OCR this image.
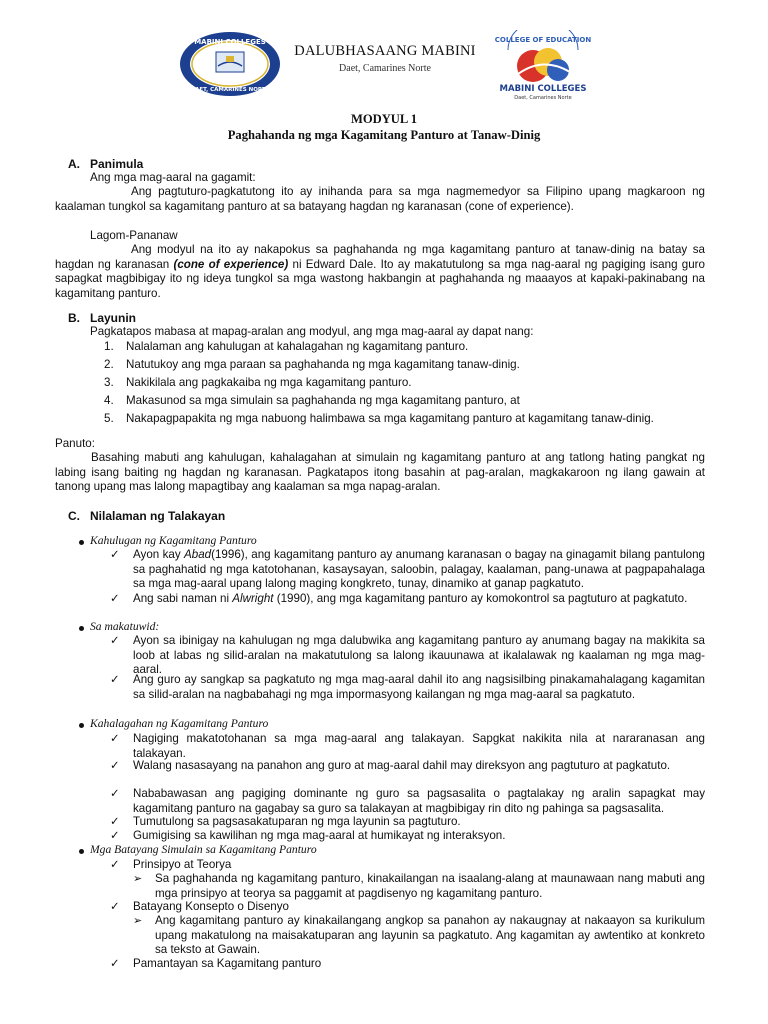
MABINI COLLEGES
DAET, CAMARINES NORTE
DALUBHASAANG MABINI
Daet, Camarines Norte
COLLEGE OF EDUCATION
MABINI COLLEGES
Daet, Camarines Norte
MODYUL 1
Paghahanda ng mga Kagamitang Panturo at Tanaw-Dinig
A. Panimula
Ang mga mag-aaral na gagamit:
Ang pagtuturo-pagkatutong ito ay inihanda para sa mga nagmemedyor sa Filipino upang magkaroon ng kaalaman tungkol sa kagamitang panturo at sa batayang hagdan ng karanasan (cone of experience).
Lagom-Pananaw
Ang modyul na ito ay nakapokus sa paghahanda ng mga kagamitang panturo at tanaw-dinig na batay sa hagdan ng karanasan (cone of experience) ni Edward Dale. Ito ay makatutulong sa mga nag-aaral ng pagiging isang guro sapagkat magbibigay ito ng ideya tungkol sa mga wastong hakbangin at paghahanda ng maaayos at kapaki-pakinabang na kagamitang panturo.
B. Layunin
Pagkatapos mabasa at mapag-aralan ang modyul, ang mga mag-aaral ay dapat nang:
1. Nalalaman ang kahulugan at kahalagahan ng kagamitang panturo.
2. Natutukoy ang mga paraan sa paghahanda ng mga kagamitang tanaw-dinig.
3. Nakikilala ang pagkakaiba ng mga kagamitang panturo.
4. Makasunod sa mga simulain sa paghahanda ng mga kagamitang panturo, at
5. Nakapagpapakita ng mga nabuong halimbawa sa mga kagamitang panturo at kagamitang tanaw-dinig.
Panuto:
Basahing mabuti ang kahulugan, kahalagahan at simulain ng kagamitang panturo at ang tatlong hating pangkat ng labing isang baiting ng hagdan ng karanasan. Pagkatapos itong basahin at pag-aralan, magkakaroon ng ilang gawain at tanong upang mas lalong mapagtibay ang kaalaman sa mga napag-aralan.
C. Nilalaman ng Talakayan
Kahulugan ng Kagamitang Panturo
✓ Ayon kay Abad(1996), ang kagamitang panturo ay anumang karanasan o bagay na ginagamit bilang pantulong sa paghahatid ng mga katotohanan, kasaysayan, saloobin, palagay, kaalaman, pang-unawa at pagpapahalaga sa mga mag-aaral upang lalong maging kongkreto, tunay, dinamiko at ganap pagkatuto.
✓ Ang sabi naman ni Alwright (1990), ang mga kagamitang panturo ay komokontrol sa pagtuturo at pagkatuto.
Sa makatuwid:
✓ Ayon sa ibinigay na kahulugan ng mga dalubwika ang kagamitang panturo ay anumang bagay na makikita sa loob at labas ng silid-aralan na makatutulong sa lalong ikauunawa at ikalalawak ng kaalaman ng mga mag-aaral.
✓ Ang guro ay sangkap sa pagkatuto ng mga mag-aaral dahil ito ang nagsisilbing pinakamahalagang kagamitan sa silid-aralan na nagbabahagi ng mga impormasyong kailangan ng mga mag-aaral sa pagkatuto.
Kahalagahan ng Kagamitang Panturo
✓ Nagiging makatotohanan sa mga mag-aaral ang talakayan. Sapgkat nakikita nila at nararanasan ang talakayan.
✓ Walang nasasayang na panahon ang guro at mag-aaral dahil may direksyon ang pagtuturo at pagkatuto.
✓ Nababawasan ang pagiging dominante ng guro sa pagsasalita o pagtalakay ng aralin sapagkat may kagamitang panturo na gagabay sa guro sa talakayan at magbibigay rin dito ng pahinga sa pagsasalita.
✓ Tumutulong sa pagsasakatuparan ng mga layunin sa pagtuturo.
✓ Gumigising sa kawilihan ng mga mag-aaral at humikayat ng interaksyon.
Mga Batayang Simulain sa Kagamitang Panturo
✓ Prinsipyo at Teorya
➢ Sa paghahanda ng kagamitang panturo, kinakailangan na isaalang-alang at maunawaan nang mabuti ang mga prinsipyo at teorya sa paggamit at pagdisenyo ng kagamitang panturo.
✓ Batayang Konsepto o Disenyo
➢ Ang kagamitang panturo ay kinakailangang angkop sa panahon ay nakaugnay at nakaayon sa kurikulum upang makatulong na maisakatuparan ang layunin sa pagkatuto. Ang kagamitan ay awtentiko at konkreto sa teksto at Gawain.
✓ Pamantayan sa Kagamitang panturo
